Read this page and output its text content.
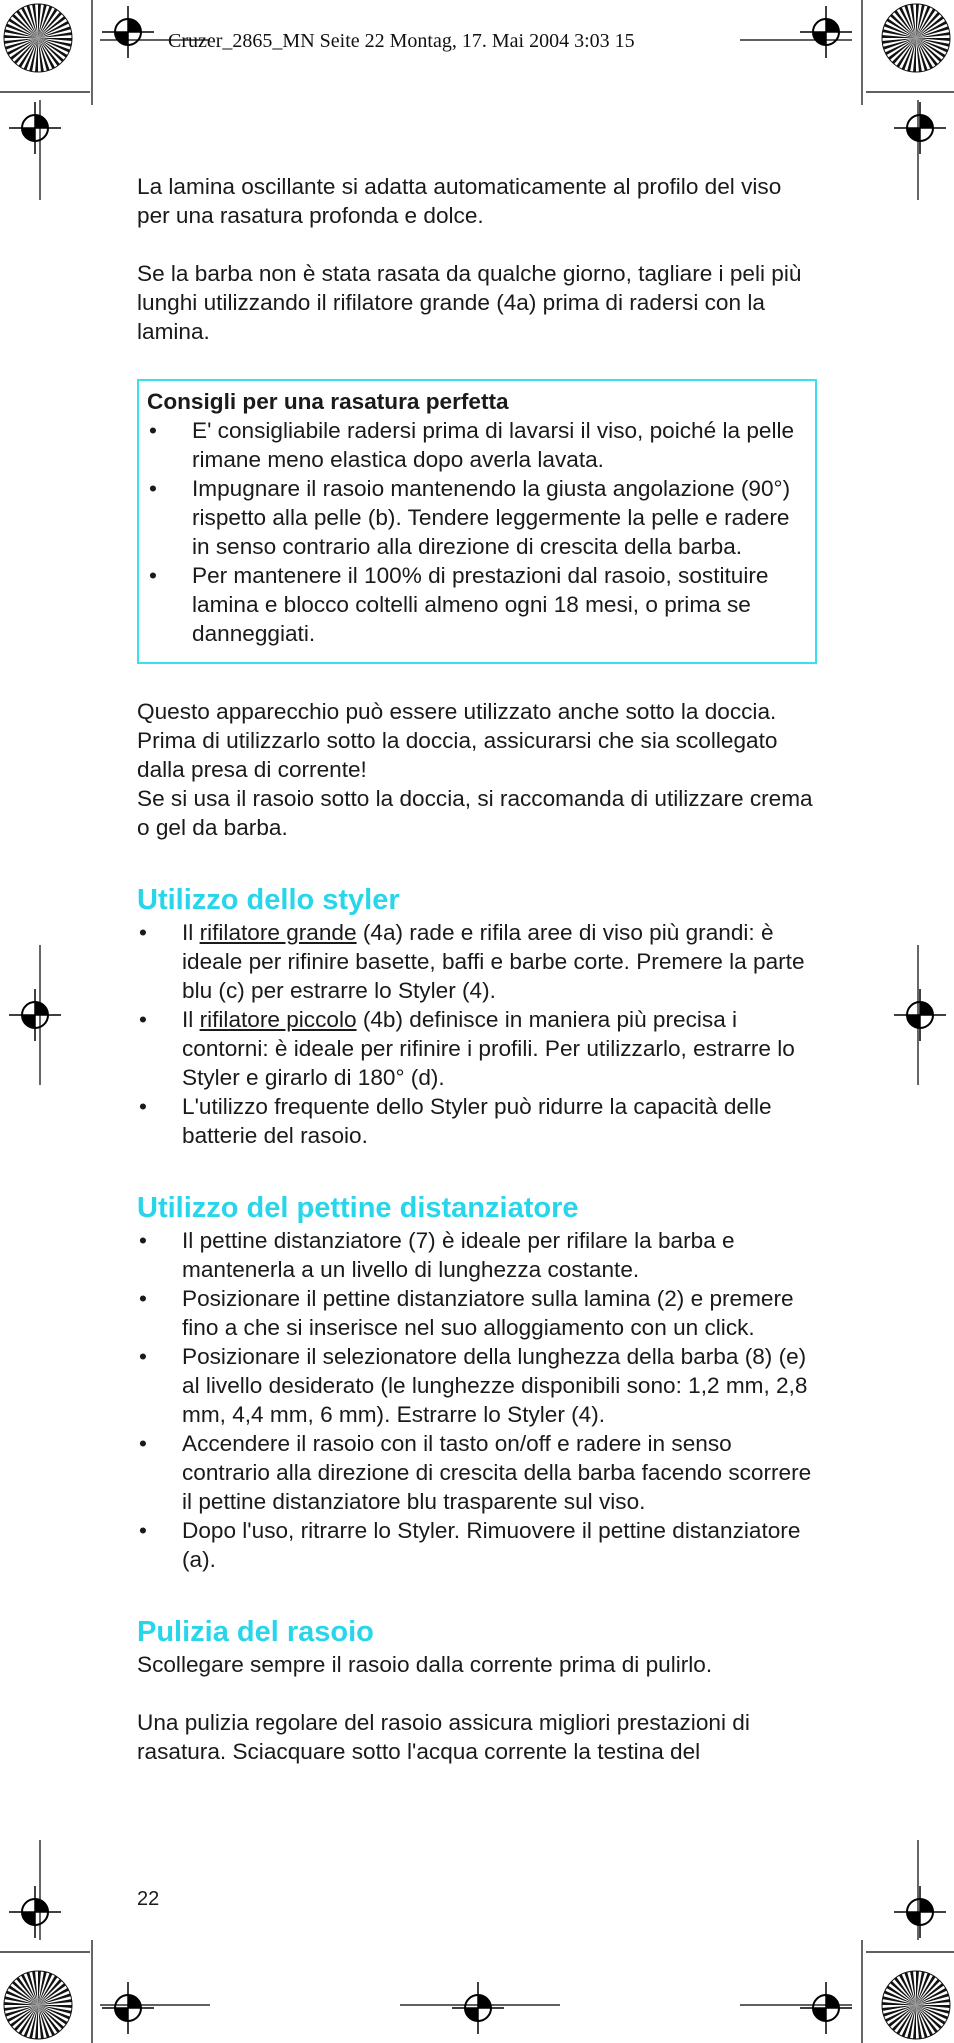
Cruzer_2865_MN Seite 22 Montag, 17. Mai 2004 3:03 15

La lamina oscillante si adatta automaticamente al profilo del viso per una rasatura profonda e dolce.

Se la barba non è stata rasata da qualche giorno, tagliare i peli più lunghi utilizzando il rifilatore grande (4a) prima di radersi con la lamina.

Consigli per una rasatura perfetta
• E' consigliabile radersi prima di lavarsi il viso, poiché la pelle rimane meno elastica dopo averla lavata.
• Impugnare il rasoio mantenendo la giusta angolazione (90°) rispetto alla pelle (b). Tendere leggermente la pelle e radere in senso contrario alla direzione di crescita della barba.
• Per mantenere il 100% di prestazioni dal rasoio, sostituire lamina e blocco coltelli almeno ogni 18 mesi, o prima se danneggiati.

Questo apparecchio può essere utilizzato anche sotto la doccia. Prima di utilizzarlo sotto la doccia, assicurarsi che sia scollegato dalla presa di corrente!

Se si usa il rasoio sotto la doccia, si raccomanda di utilizzare crema o gel da barba.

Utilizzo dello styler
• Il rifilatore grande (4a) rade e rifila aree di viso più grandi: è ideale per rifinire basette, baffi e barbe corte. Premere la parte blu (c) per estrarre lo Styler (4).
• Il rifilatore piccolo (4b) definisce in maniera più precisa i contorni: è ideale per rifinire i profili. Per utilizzarlo, estrarre lo Styler e girarlo di 180° (d).
• L'utilizzo frequente dello Styler può ridurre la capacità delle batterie del rasoio.
Utilizzo del pettine distanziatore
• Il pettine distanziatore (7) è ideale per rifilare la barba e mantenerla a un livello di lunghezza costante.
• Posizionare il pettine distanziatore sulla lamina (2) e premere fino a che si inserisce nel suo alloggiamento con un click.
• Posizionare il selezionatore della lunghezza della barba (8) (e) al livello desiderato (le lunghezze disponibili sono: 1,2 mm, 2,8 mm, 4,4 mm, 6 mm). Estrarre lo Styler (4).
• Accendere il rasoio con il tasto on/off e radere in senso contrario alla direzione di crescita della barba facendo scorrere il pettine distanziatore blu trasparente sul viso.
• Dopo l'uso, ritrarre lo Styler. Rimuovere il pettine distanziatore (a).
Pulizia del rasoio

Scollegare sempre il rasoio dalla corrente prima di pulirlo.

Una pulizia regolare del rasoio assicura migliori prestazioni di rasatura. Sciacquare sotto l'acqua corrente la testina del

22
